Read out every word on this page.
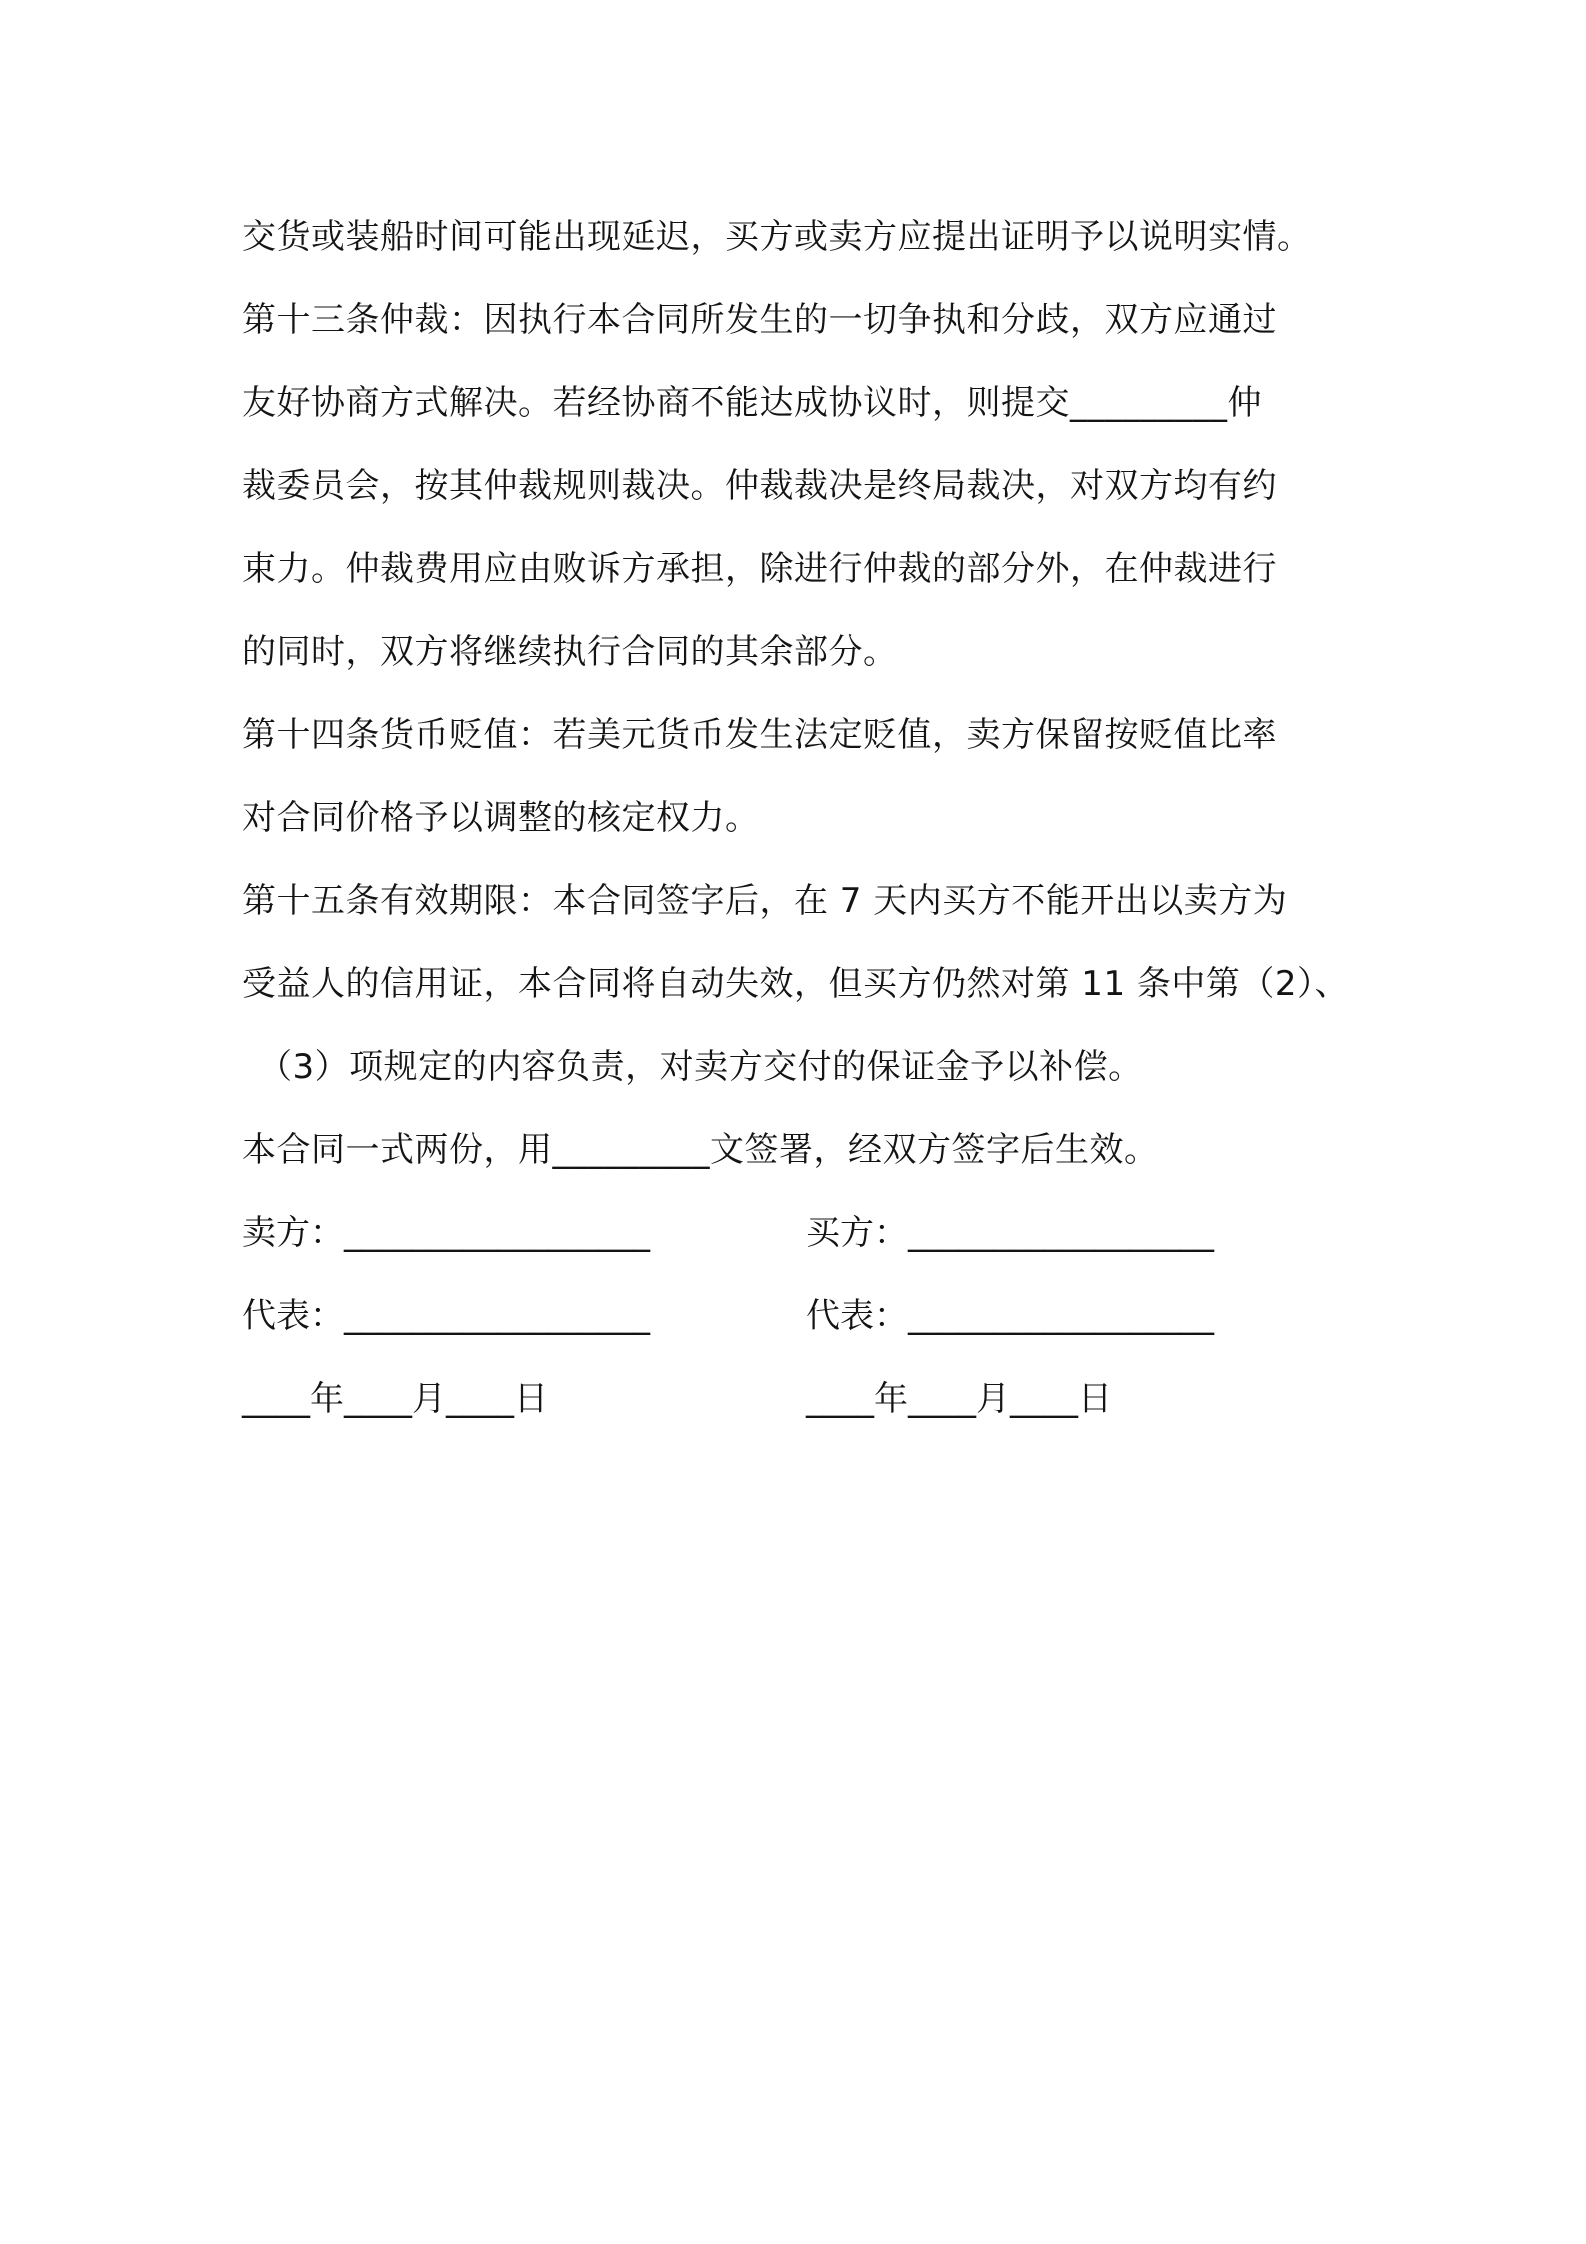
交货或装船时间可能出现延迟，买方或卖方应提出证明予以说明实情。
第十三条仲裁：因执行本合同所发生的一切争执和分歧，双方应通过
友好协商方式解决。若经协商不能达成协议时，则提交_________仲
裁委员会，按其仲裁规则裁决。仲裁裁决是终局裁决，对双方均有约
束力。仲裁费用应由败诉方承担，除进行仲裁的部分外，在仲裁进行
的同时，双方将继续执行合同的其余部分。
第十四条货币贬值：若美元货币发生法定贬值，卖方保留按贬值比率
对合同价格予以调整的核定权力。
第十五条有效期限：本合同签字后，在 7 天内买方不能开出以卖方为
受益人的信用证，本合同将自动失效，但买方仍然对第 11 条中第（2）、
（3）项规定的内容负责，对卖方交付的保证金予以补偿。
本合同一式两份，用_________文签署，经双方签字后生效。
卖方：__________________	买方：__________________
代表：__________________	代表：__________________
____年____月____日	____年____月____日
